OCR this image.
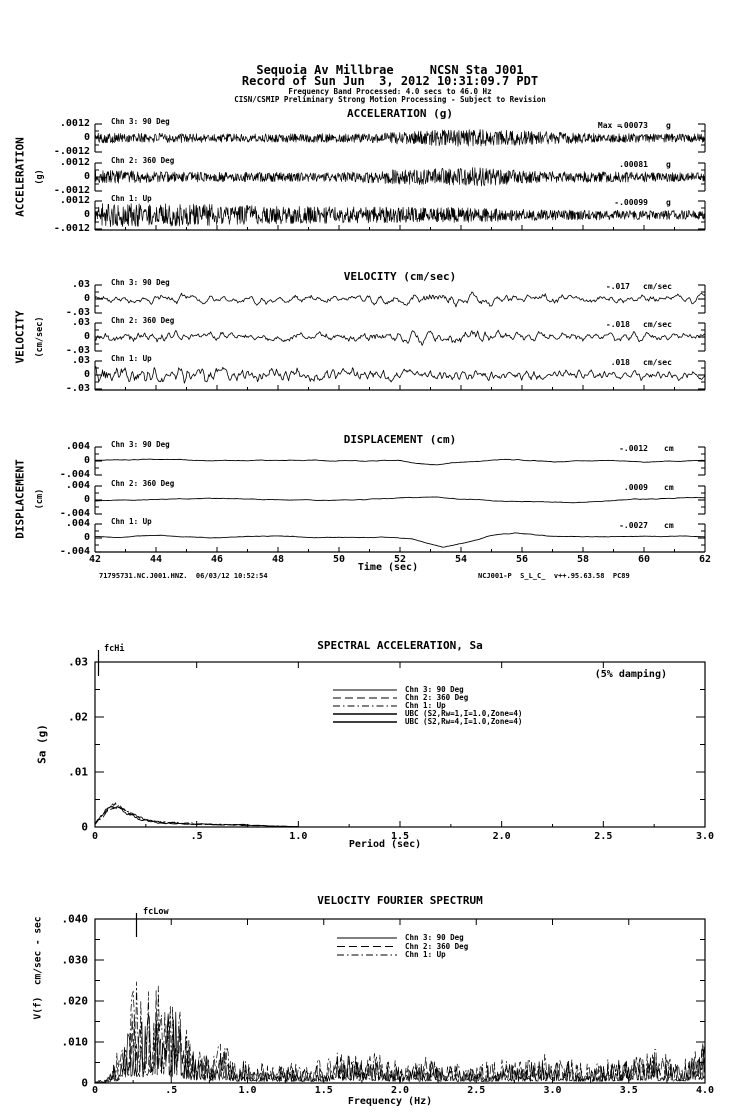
Sequoia Av Millbrae     NCSN Sta J001
Record of Sun Jun  3, 2012 10:31:09.7 PDT
Frequency Band Processed: 4.0 secs to 46.0 Hz
CISN/CSMIP Preliminary Strong Motion Processing - Subject to Revision
Time (sec)
71795731.NC.J001.HNZ.  06/03/12 10:52:54	NCJ001-P  S_L_C_  v++.95.63.58  PC89
SPECTRAL ACCELERATION, Sa
(5% damping)
fcHi
Sa (g)
Period (sec)
VELOCITY FOURIER SPECTRUM
fcLow
V(f)  cm/sec - sec
Frequency (Hz)
ACCELERATION (g)
ACCELERATION (g)
.0012
0
-.0012
Chn 3: 90 Deg	Max =
.00073 g
.0012
0
-.0012
Chn 2: 360 Deg	.00081 g
.0012
0
-.0012
Chn 1: Up	-.00099 g
VELOCITY (cm/sec)
VELOCITY (cm/sec)
.03
0
-.03
Chn 3: 90 Deg	-.017 cm/sec
.03
0
-.03
Chn 2: 360 Deg	-.018 cm/sec
.03
0
-.03
Chn 1: Up	.018 cm/sec
DISPLACEMENT (cm)
DISPLACEMENT (cm)
.004
0
-.004
Chn 3: 90 Deg	-.0012 cm
.004
0
-.004
Chn 2: 360 Deg	.0009 cm
.004
0
-.004
Chn 1: Up	-.0027 cm
42	44	46	48	50	52	54	56	58	60	62
.03
.02
.01
0
0	.5	1.0	1.5	2.0	2.5	3.0
Chn 3: 90 Deg
Chn 2: 360 Deg
Chn 1: Up
UBC (S2,Rw=1,I=1.0,Zone=4)
UBC (S2,Rw=4,I=1.0,Zone=4)
.040
.030
.020
.010
0
0	.5	1.0	1.5	2.0	2.5	3.0	3.5	4.0
Chn 3: 90 Deg
Chn 2: 360 Deg
Chn 1: Up
